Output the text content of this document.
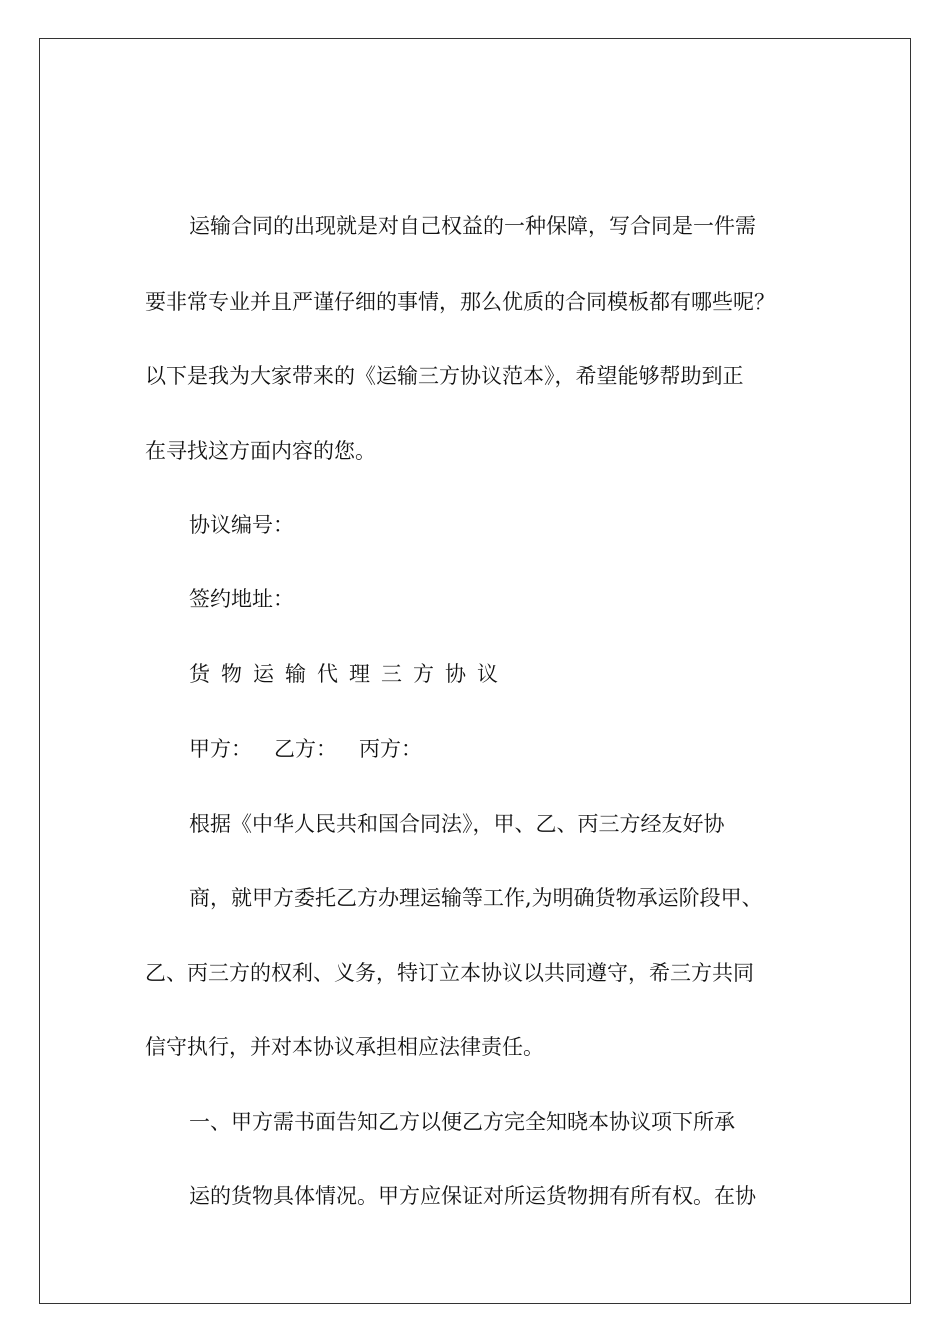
运输合同的出现就是对自己权益的一种保障，写合同是一件需
要非常专业并且严谨仔细的事情，那么优质的合同模板都有哪些呢？
以下是我为大家带来的《运输三方协议范本》，希望能够帮助到正
在寻找这方面内容的您。
协议编号：
签约地址：
货物运输代理三方协议
甲方： 乙方： 丙方：
根据《中华人民共和国合同法》，甲、乙、丙三方经友好协
商，就甲方委托乙方办理运输等工作,为明确货物承运阶段甲、
乙、丙三方的权利、义务，特订立本协议以共同遵守，希三方共同
信守执行，并对本协议承担相应法律责任。
一、甲方需书面告知乙方以便乙方完全知晓本协议项下所承
运的货物具体情况。甲方应保证对所运货物拥有所有权。在协
